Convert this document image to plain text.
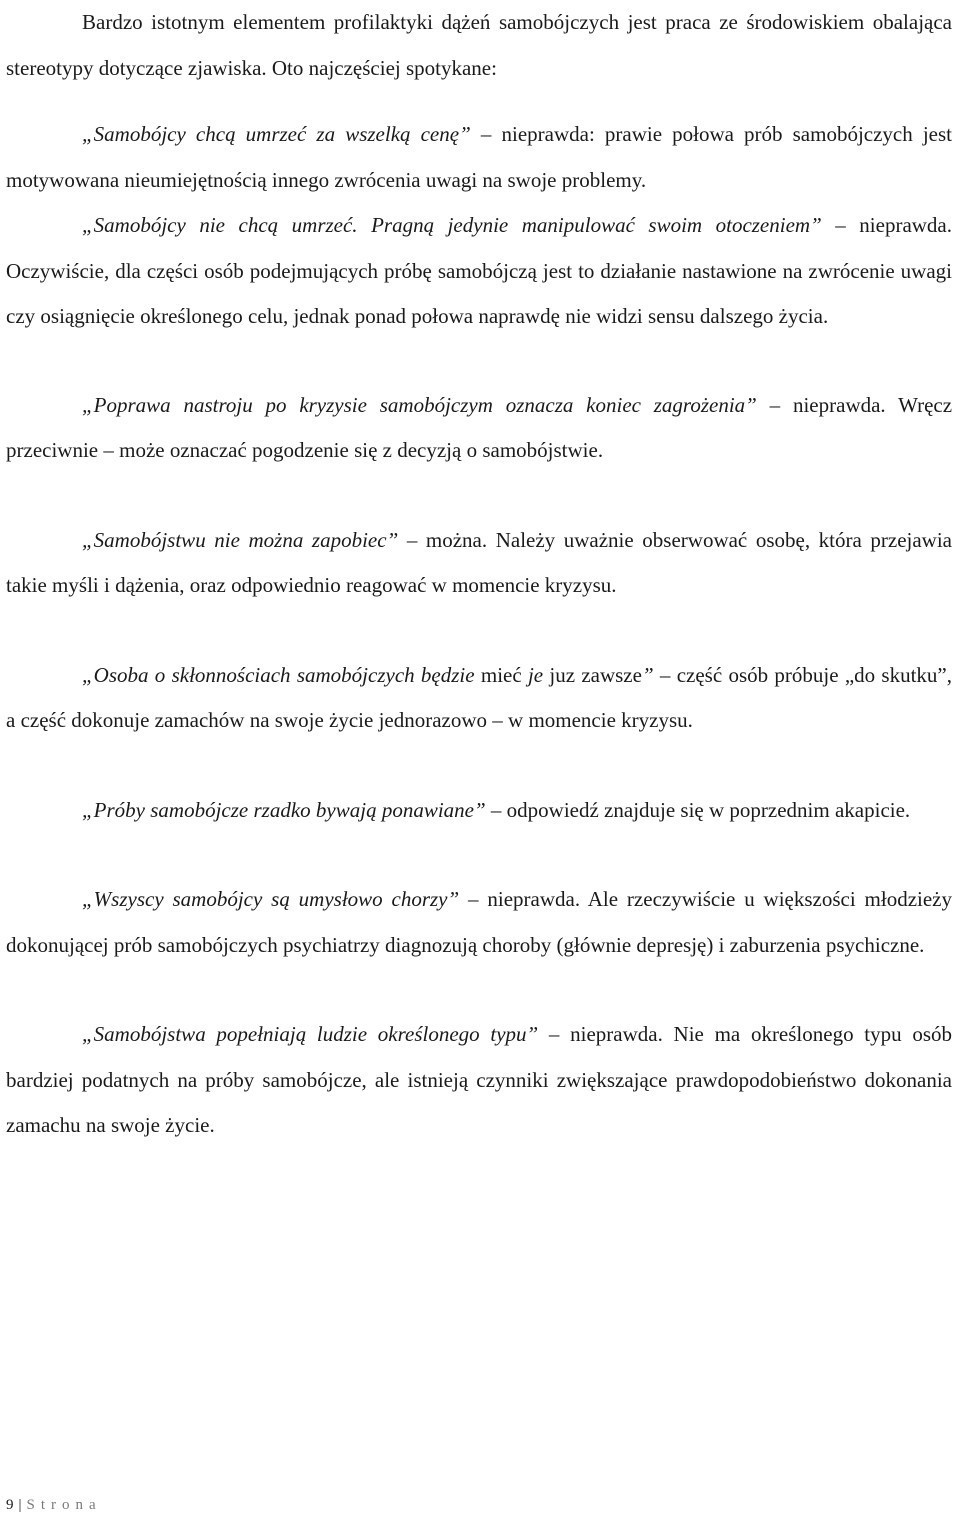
Bardzo istotnym elementem profilaktyki dążeń samobójczych jest praca ze środowiskiem obalająca stereotypy dotyczące zjawiska. Oto najczęściej spotykane:

„Samobójcy chcą umrzeć za wszelką cenę” – nieprawda: prawie połowa prób samobójczych jest motywowana nieumiejętnością innego zwrócenia uwagi na swoje problemy.

„Samobójcy nie chcą umrzeć. Pragną jedynie manipulować swoim otoczeniem” – nieprawda. Oczywiście, dla części osób podejmujących próbę samobójczą jest to działanie nastawione na zwrócenie uwagi czy osiągnięcie określonego celu, jednak ponad połowa naprawdę nie widzi sensu dalszego życia.

„Poprawa nastroju po kryzysie samobójczym oznacza koniec zagrożenia” – nieprawda. Wręcz przeciwnie – może oznaczać pogodzenie się z decyzją o samobójstwie.

„Samobójstwu nie można zapobiec” – można. Należy uważnie obserwować osobę, która przejawia takie myśli i dążenia, oraz odpowiednio reagować w momencie kryzysu.

„Osoba o skłonnościach samobójczych będzie mieć je juz zawsze” – część osób próbuje „do skutku”, a część dokonuje zamachów na swoje życie jednorazowo – w momencie kryzysu.

„Próby samobójcze rzadko bywają ponawiane” – odpowiedź znajduje się w poprzednim akapicie.

„Wszyscy samobójcy są umysłowo chorzy” – nieprawda. Ale rzeczywiście u większości młodzieży dokonującej prób samobójczych psychiatrzy diagnozują choroby (głównie depresję) i zaburzenia psychiczne.

„Samobójstwa popełniają ludzie określonego typu” – nieprawda. Nie ma określonego typu osób bardziej podatnych na próby samobójcze, ale istnieją czynniki zwiększające prawdopodobieństwo dokonania zamachu na swoje życie.

9 | Strona
